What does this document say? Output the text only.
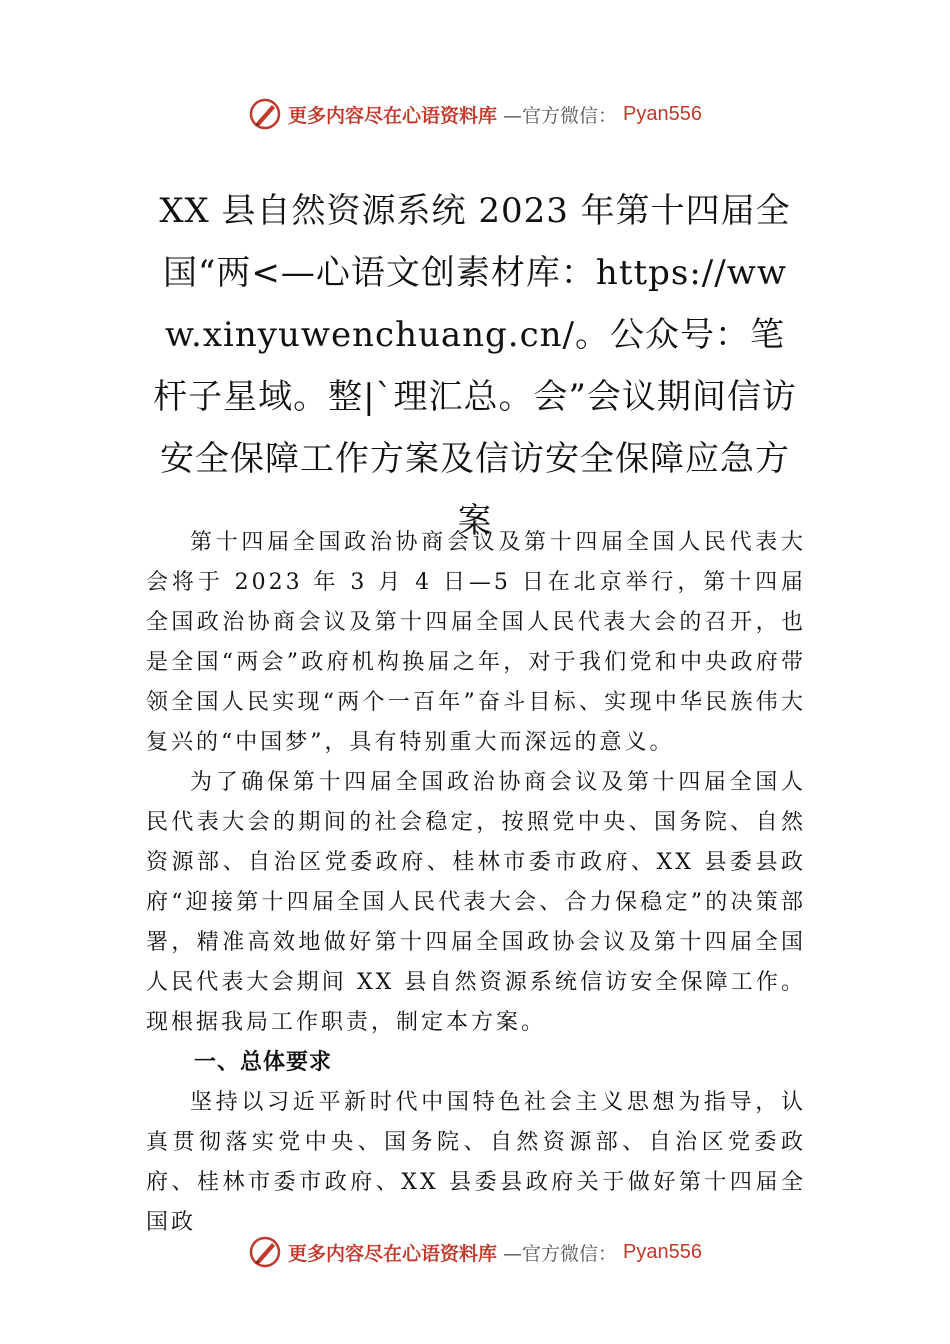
更多内容尽在心语资料库 —官方微信： Pyan556
XX 县自然资源系统 2023 年第十四届全国“两<—心语文创素材库：https://www.xinyuwenchuang.cn/。公众号：笔杆子星域。整|`理汇总。会”会议期间信访安全保障工作方案及信访安全保障应急方案

第十四届全国政治协商会议及第十四届全国人民代表大会将于 2023 年 3 月 4 日—5 日在北京举行，第十四届全国政治协商会议及第十四届全国人民代表大会的召开，也是全国“两会”政府机构换届之年，对于我们党和中央政府带领全国人民实现“两个一百年”奋斗目标、实现中华民族伟大复兴的“中国梦”，具有特别重大而深远的意义。

为了确保第十四届全国政治协商会议及第十四届全国人民代表大会的期间的社会稳定，按照党中央、国务院、自然资源部、自治区党委政府、桂林市委市政府、XX 县委县政府“迎接第十四届全国人民代表大会、合力保稳定”的决策部署，精准高效地做好第十四届全国政协会议及第十四届全国人民代表大会期间 XX 县自然资源系统信访安全保障工作。现根据我局工作职责，制定本方案。

一、总体要求

坚持以习近平新时代中国特色社会主义思想为指导，认真贯彻落实党中央、国务院、自然资源部、自治区党委政府、桂林市委市政府、XX 县委县政府关于做好第十四届全国政

更多内容尽在心语资料库 —官方微信： Pyan556
